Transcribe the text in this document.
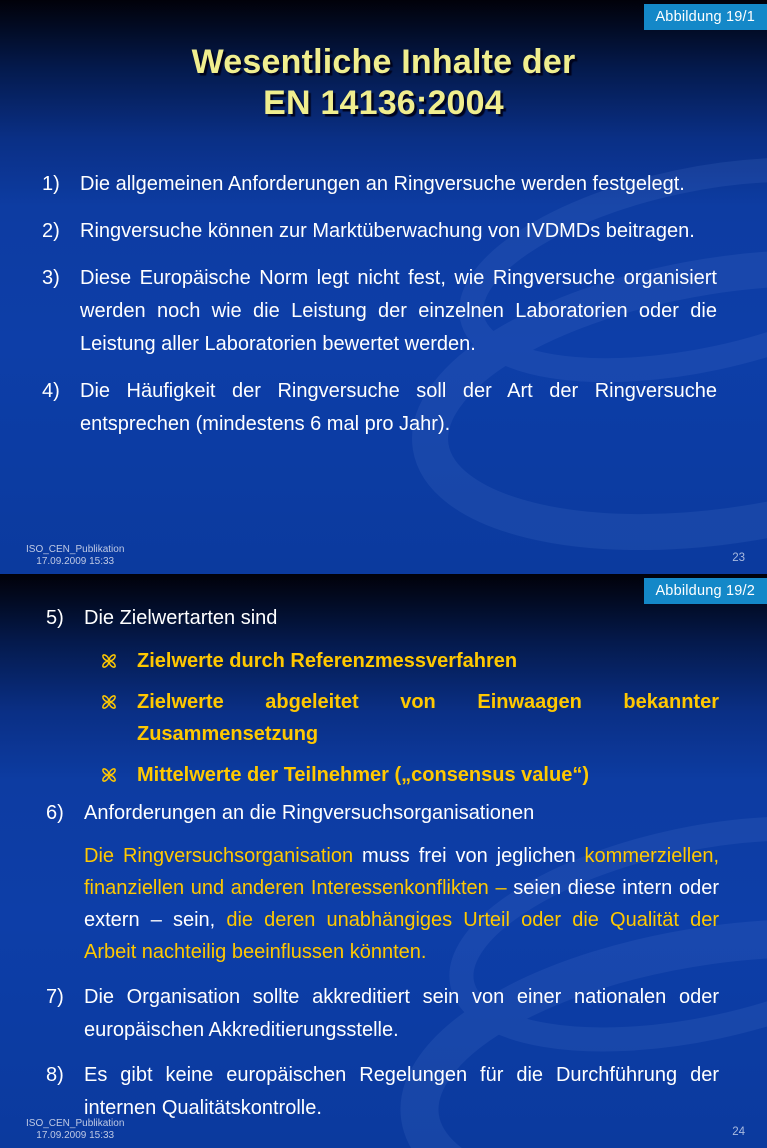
Abbildung 19/1
Wesentliche Inhalte der
EN 14136:2004
1) Die allgemeinen Anforderungen an Ringversuche werden festgelegt.
2) Ringversuche können zur Marktüberwachung von IVDMDs beitragen.
3) Diese Europäische Norm legt nicht fest, wie Ringversuche organisiert werden noch wie die Leistung der einzelnen Laboratorien oder die Leistung aller Laboratorien bewertet werden.
4) Die Häufigkeit der Ringversuche soll der Art der Ringversuche entsprechen (mindestens 6 mal pro Jahr).
ISO_CEN_Publikation
17.09.2009 15:33	23
Abbildung 19/2
5) Die Zielwertarten sind
Zielwerte durch Referenzmessverfahren
Zielwerte abgeleitet von Einwaagen bekannter Zusammensetzung
Mittelwerte der Teilnehmer („consensus value“)
6) Anforderungen an die Ringversuchsorganisationen
Die Ringversuchsorganisation muss frei von jeglichen kommerziellen, finanziellen und anderen Interessenkonflikten – seien diese intern oder extern – sein, die deren unabhängiges Urteil oder die Qualität der Arbeit nachteilig beeinflussen könnten.
7) Die Organisation sollte akkreditiert sein von einer nationalen oder europäischen Akkreditierungsstelle.
8) Es gibt keine europäischen Regelungen für die Durchführung der internen Qualitätskontrolle.
ISO_CEN_Publikation
17.09.2009 15:33	24
